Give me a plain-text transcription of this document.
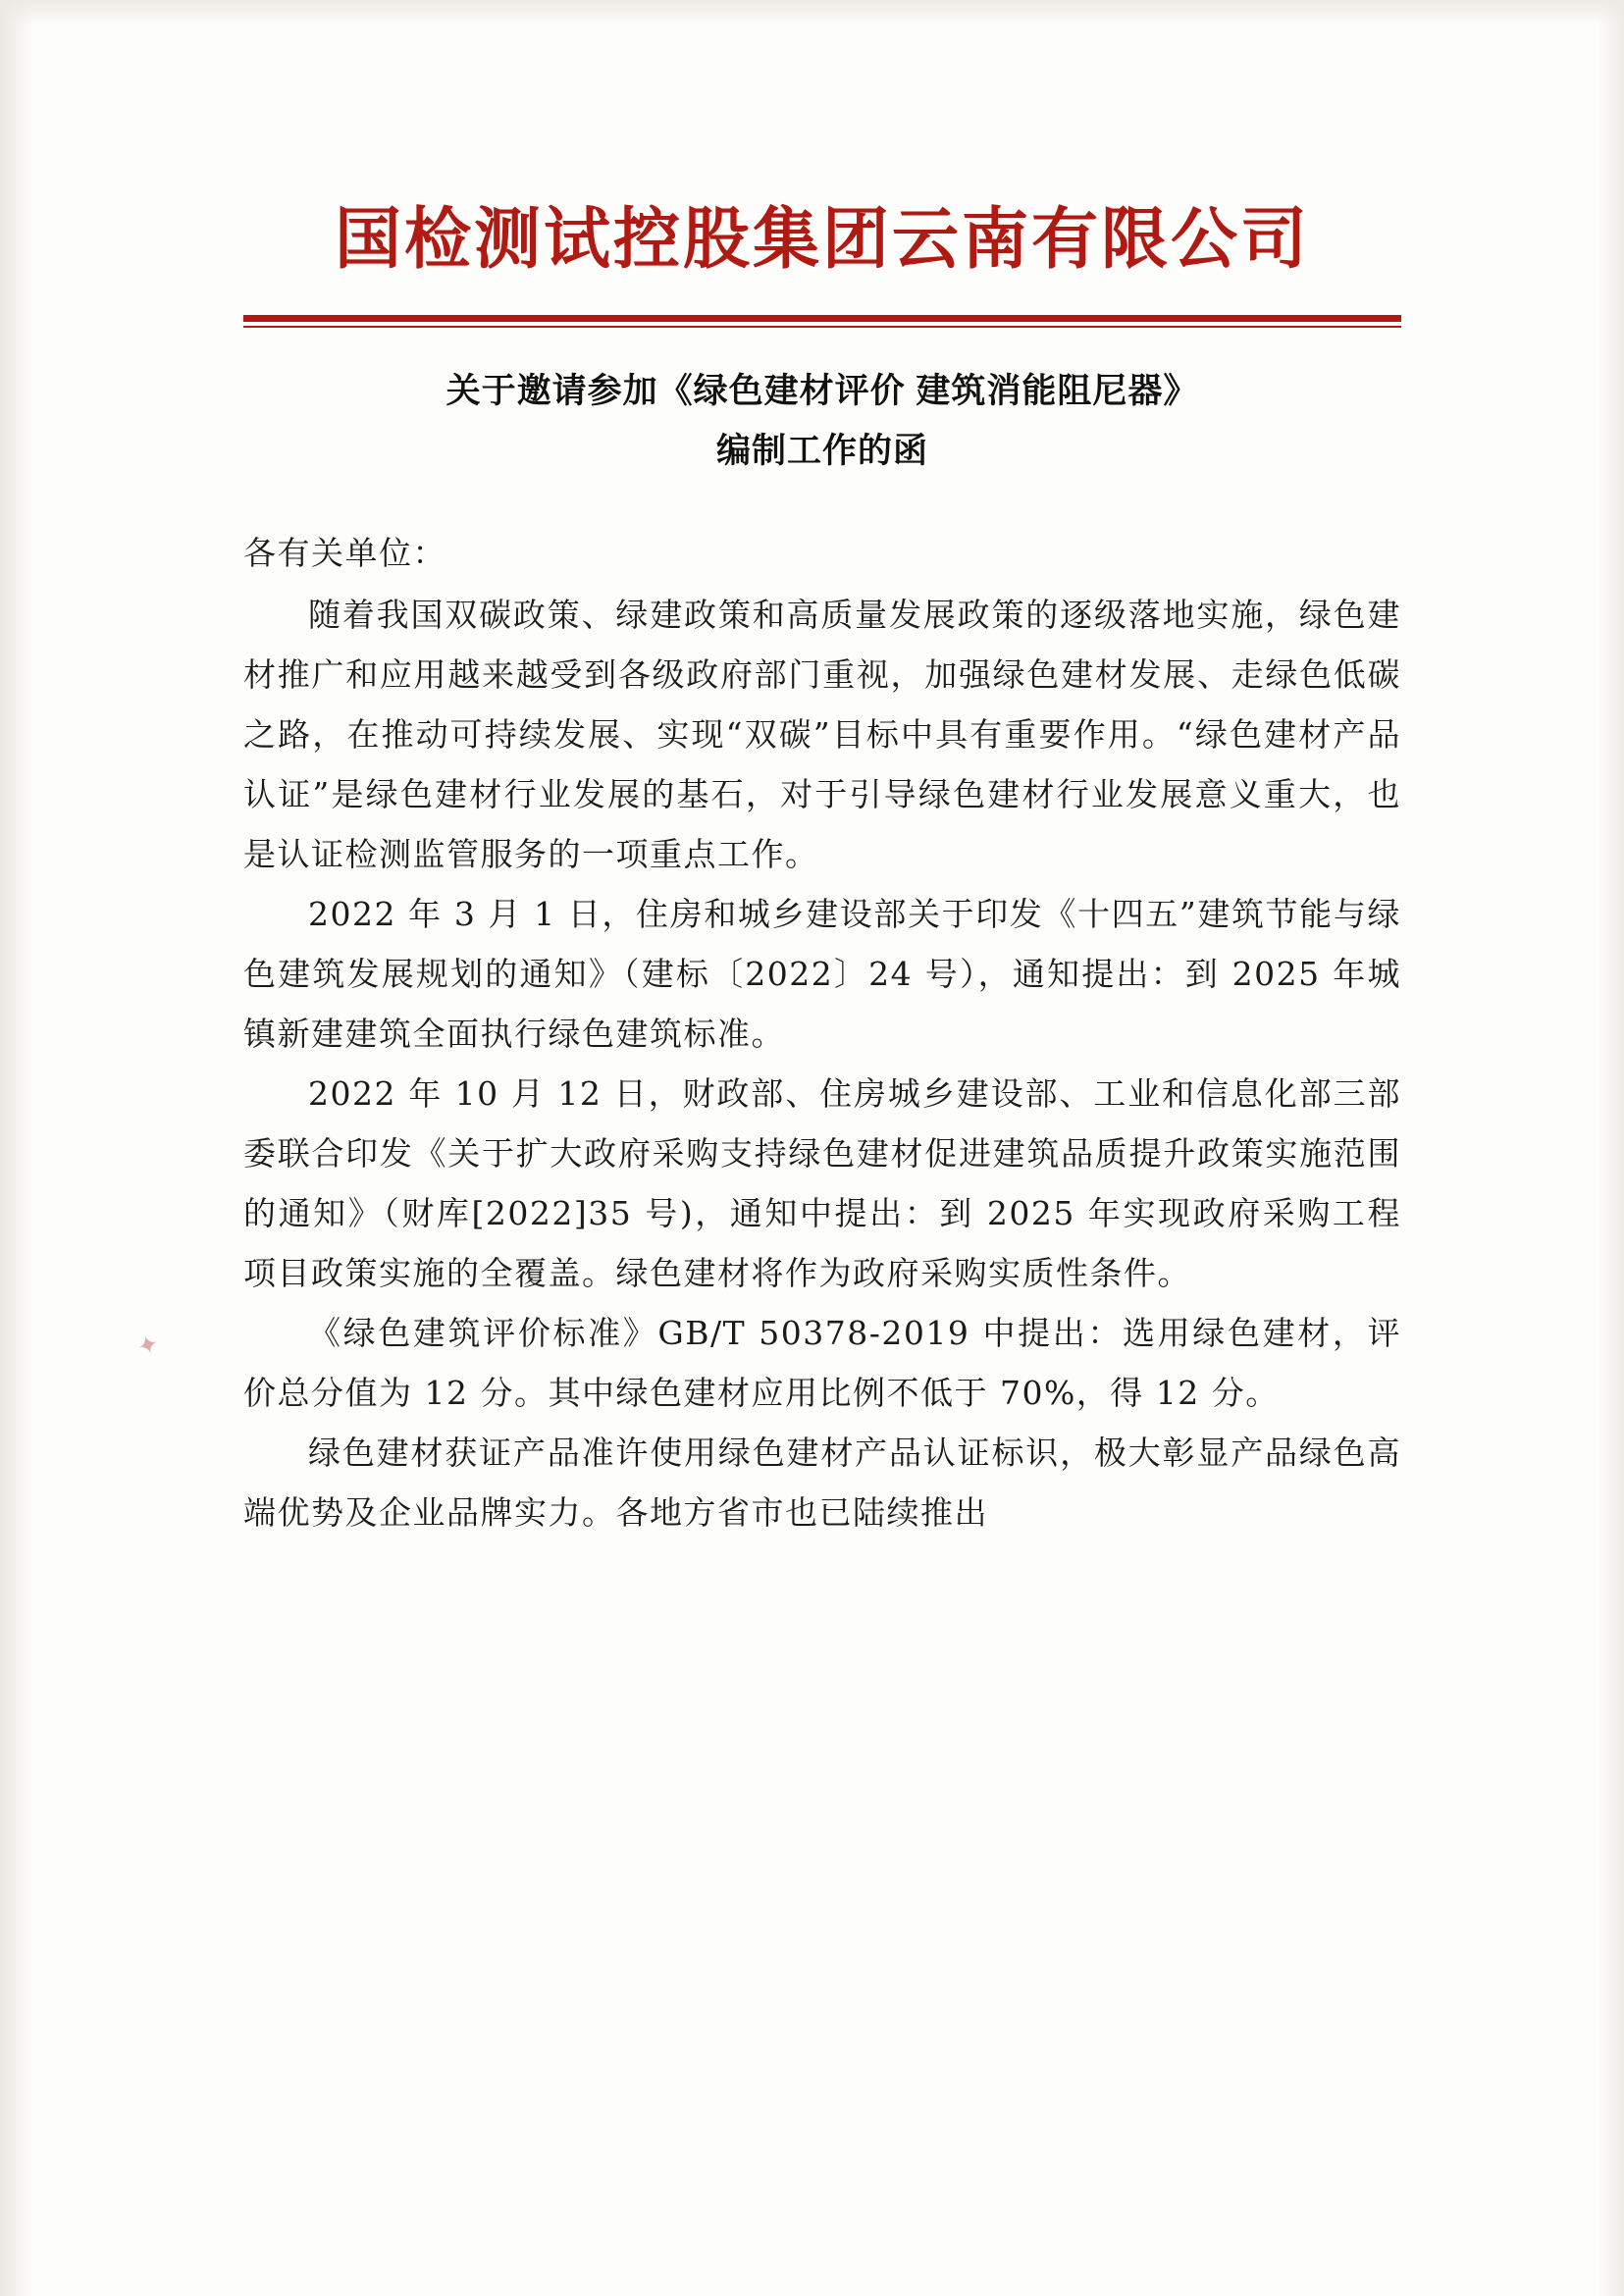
✦
国检测试控股集团云南有限公司
关于邀请参加《绿色建材评价 建筑消能阻尼器》
编制工作的函
各有关单位：

随着我国双碳政策、绿建政策和高质量发展政策的逐级落地实施，绿色建材推广和应用越来越受到各级政府部门重视，加强绿色建材发展、走绿色低碳之路，在推动可持续发展、实现“双碳”目标中具有重要作用。“绿色建材产品认证”是绿色建材行业发展的基石，对于引导绿色建材行业发展意义重大，也是认证检测监管服务的一项重点工作。

2022 年 3 月 1 日，住房和城乡建设部关于印发《十四五”建筑节能与绿色建筑发展规划的通知》（建标〔2022〕24 号），通知提出：到 2025 年城镇新建建筑全面执行绿色建筑标准。

2022 年 10 月 12 日，财政部、住房城乡建设部、工业和信息化部三部委联合印发《关于扩大政府采购支持绿色建材促进建筑品质提升政策实施范围的通知》（财库[2022]35 号)，通知中提出：到 2025 年实现政府采购工程项目政策实施的全覆盖。绿色建材将作为政府采购实质性条件。

《绿色建筑评价标准》GB/T 50378-2019 中提出：选用绿色建材，评价总分值为 12 分。其中绿色建材应用比例不低于 70%，得 12 分。

绿色建材获证产品准许使用绿色建材产品认证标识，极大彰显产品绿色高端优势及企业品牌实力。各地方省市也已陆续推出
